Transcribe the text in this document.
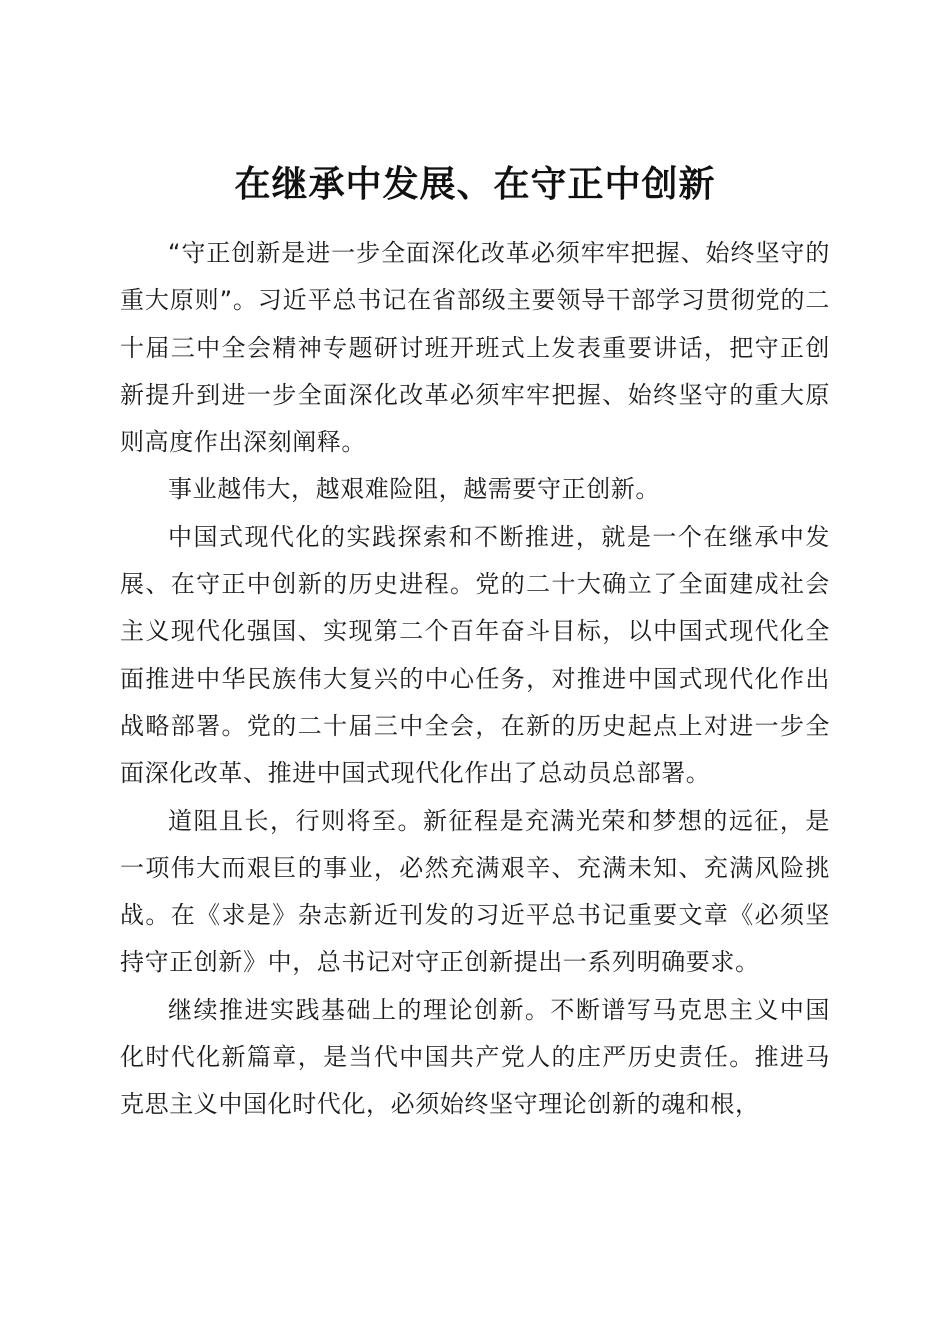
在继承中发展、在守正中创新

“守正创新是进一步全面深化改革必须牢牢把握、始终坚守的重大原则”。习近平总书记在省部级主要领导干部学习贯彻党的二十届三中全会精神专题研讨班开班式上发表重要讲话，把守正创新提升到进一步全面深化改革必须牢牢把握、始终坚守的重大原则高度作出深刻阐释。

事业越伟大，越艰难险阻，越需要守正创新。

中国式现代化的实践探索和不断推进，就是一个在继承中发展、在守正中创新的历史进程。党的二十大确立了全面建成社会主义现代化强国、实现第二个百年奋斗目标，以中国式现代化全面推进中华民族伟大复兴的中心任务，对推进中国式现代化作出战略部署。党的二十届三中全会，在新的历史起点上对进一步全面深化改革、推进中国式现代化作出了总动员总部署。

道阻且长，行则将至。新征程是充满光荣和梦想的远征，是一项伟大而艰巨的事业，必然充满艰辛、充满未知、充满风险挑战。在《求是》杂志新近刊发的习近平总书记重要文章《必须坚持守正创新》中，总书记对守正创新提出一系列明确要求。

继续推进实践基础上的理论创新。不断谱写马克思主义中国化时代化新篇章，是当代中国共产党人的庄严历史责任。推进马克思主义中国化时代化，必须始终坚守理论创新的魂和根，
